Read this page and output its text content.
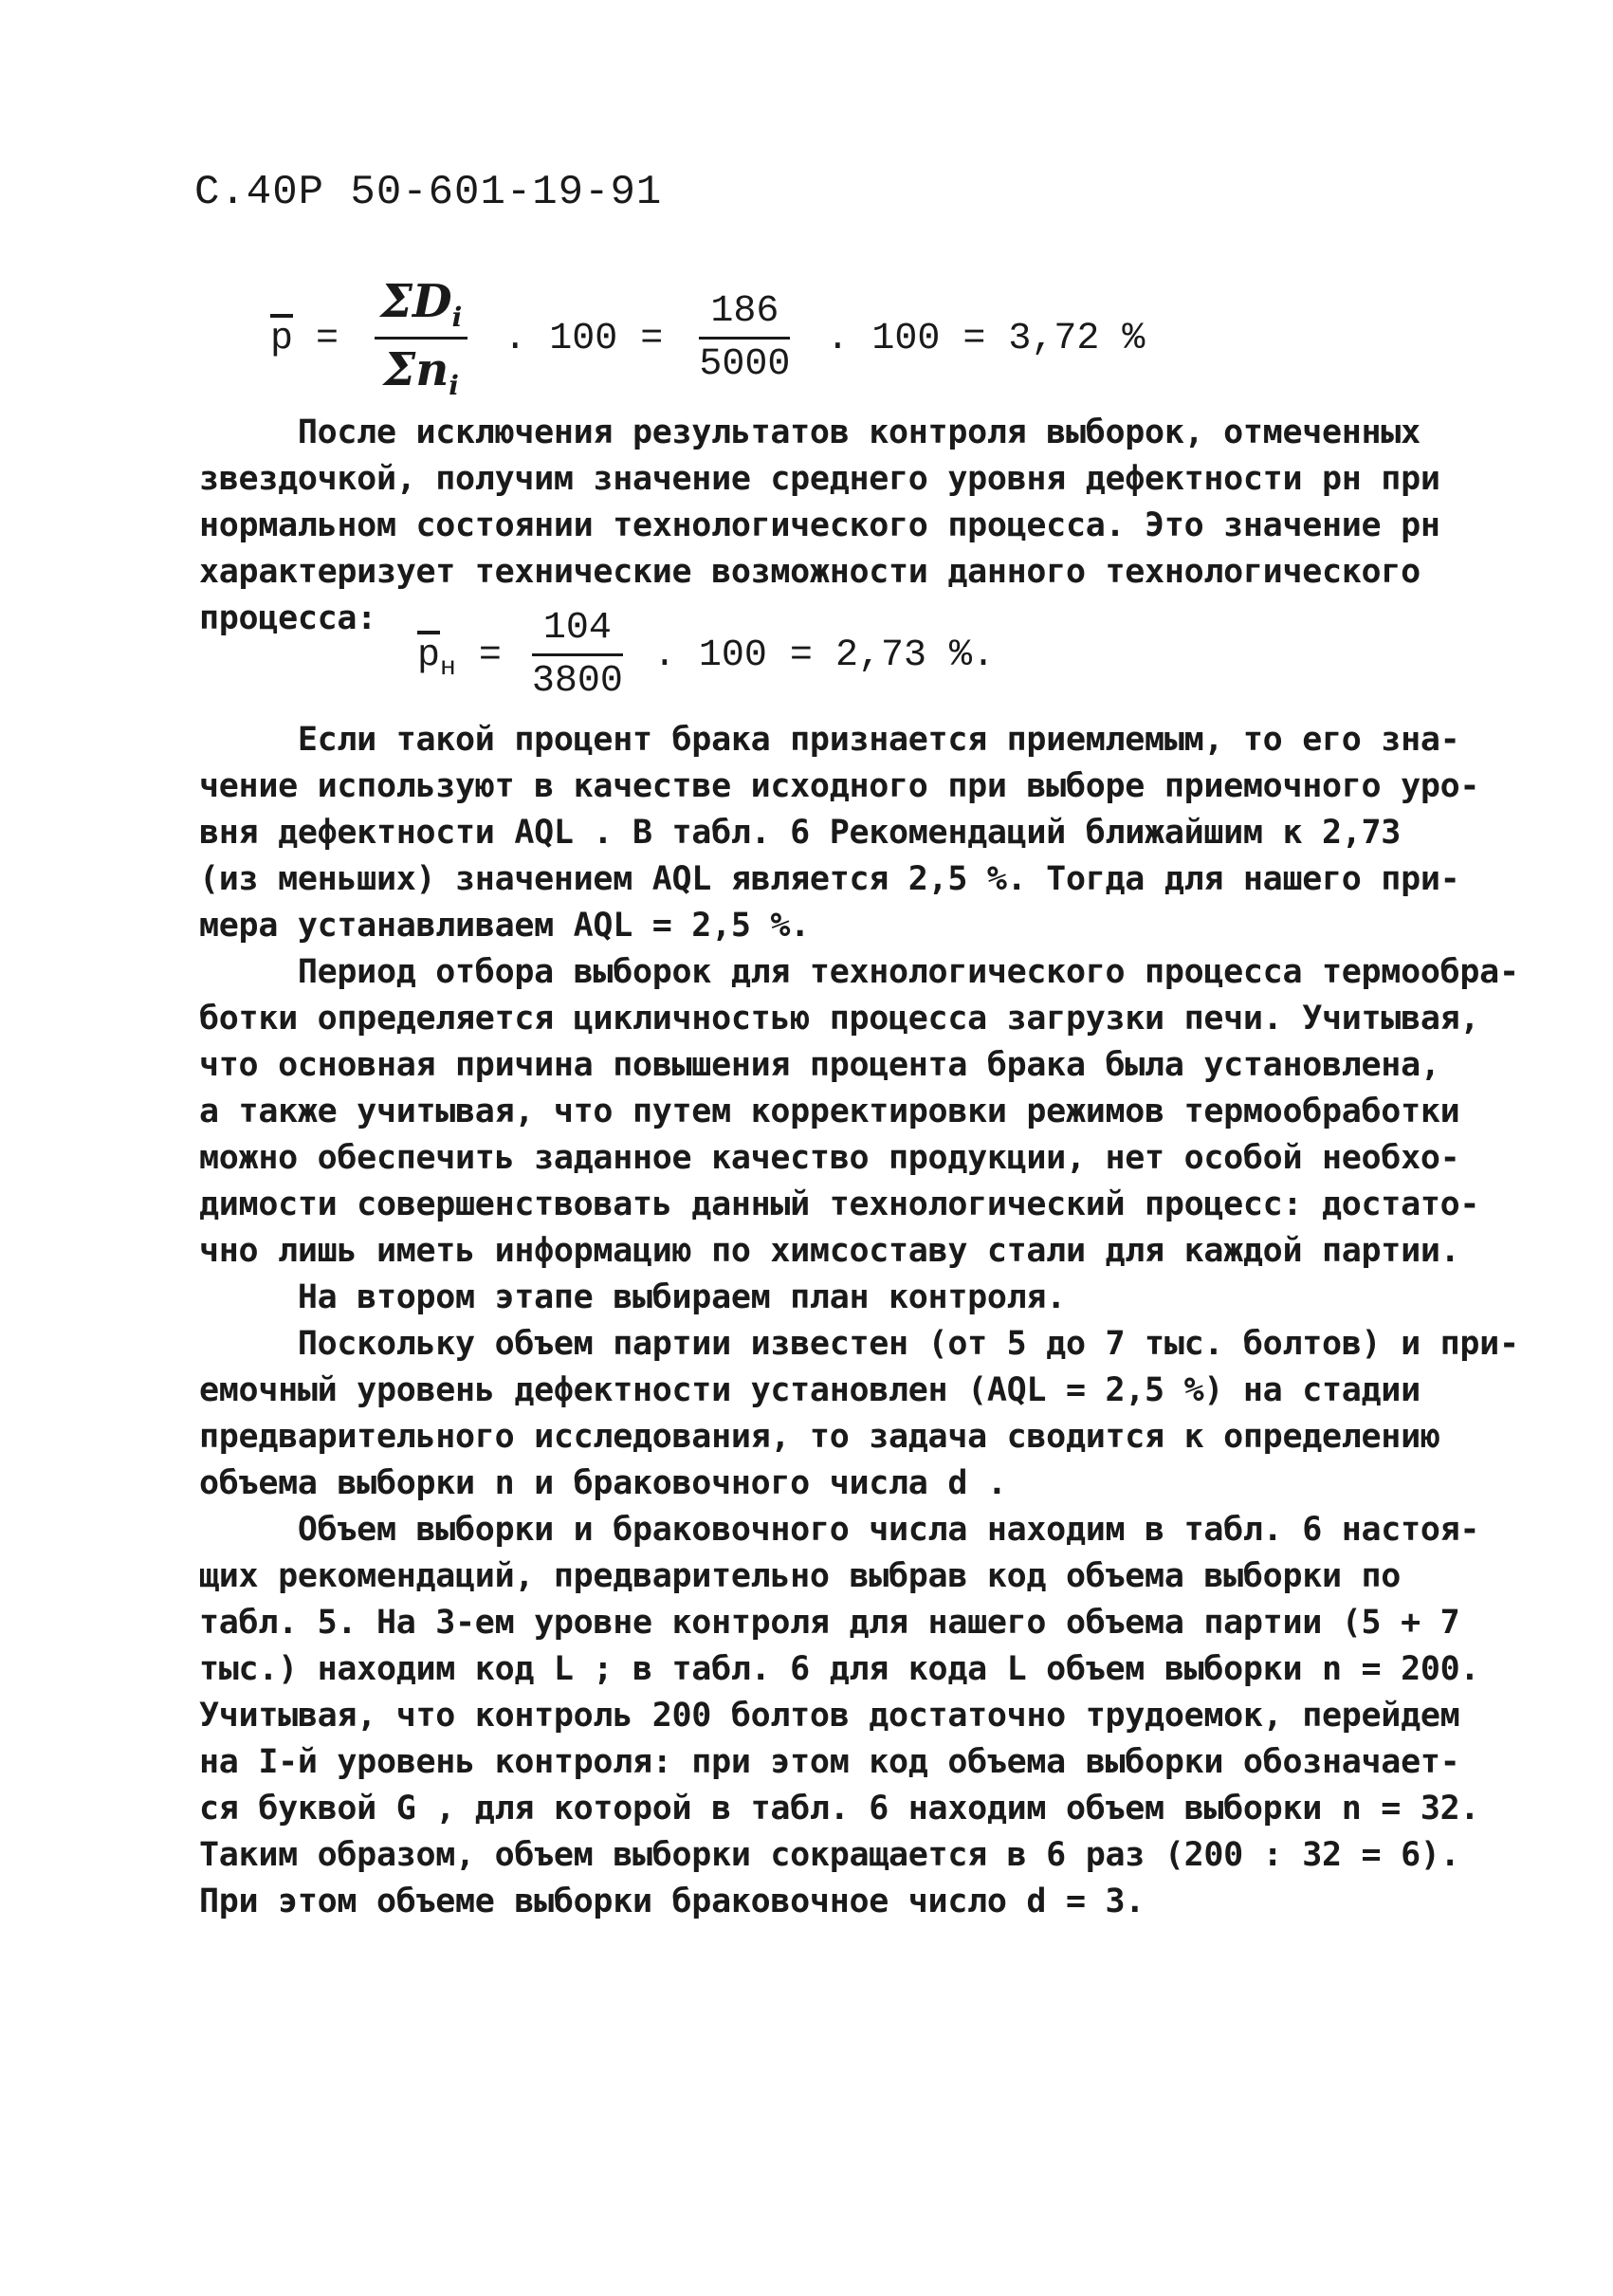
С.40Р 50-601-19-91
$\overline{p} = \frac{\Sigma D_i}{\Sigma n_i}$ . $100 = \frac{186}{5000}$ . 100 = 3,72 %

После исключения результатов контроля выборок, отмеченных

звездочкой, получим значение среднего уровня дефектности pн при

нормальном состоянии технологического процесса. Это значение pн

характеризует технические возможности данного технологического

процесса:

$\overline{p}_н = \frac{104}{3800}$ . 100 = 2,73 %.

Если такой процент брака признается приемлемым, то его зна-

чение используют в качестве исходного при выборе приемочного уро-

вня дефектности AQL . В табл. 6 Рекомендаций ближайшим к 2,73

(из меньших) значением AQL является 2,5 %. Тогда для нашего при-

мера устанавливаем AQL = 2,5 %.

Период отбора выборок для технологического процесса термообра-

ботки определяется цикличностью процесса загрузки печи. Учитывая,

что основная причина повышения процента брака была установлена,

а также учитывая, что путем корректировки режимов термообработки

можно обеспечить заданное качество продукции, нет особой необхо-

димости совершенствовать данный технологический процесс: достато-

чно лишь иметь информацию по химсоставу стали для каждой партии.

На втором этапе выбираем план контроля.

Поскольку объем партии известен (от 5 до 7 тыс. болтов) и при-

емочный уровень дефектности установлен (AQL = 2,5 %) на стадии

предварительного исследования, то задача сводится к определению

объема выборки n и браковочного числа d .

Объем выборки и браковочного числа находим в табл. 6 настоя-

щих рекомендаций, предварительно выбрав код объема выборки по

табл. 5. На 3-ем уровне контроля для нашего объема партии (5 + 7

тыс.) находим код L ; в табл. 6 для кода L объем выборки n = 200.

Учитывая, что контроль 200 болтов достаточно трудоемок, перейдем

на I-й уровень контроля: при этом код объема выборки обозначает-

ся буквой G , для которой в табл. 6 находим объем выборки n = 32.

Таким образом, объем выборки сокращается в 6 раз (200 : 32 = 6).

При этом объеме выборки браковочное число d = 3.
